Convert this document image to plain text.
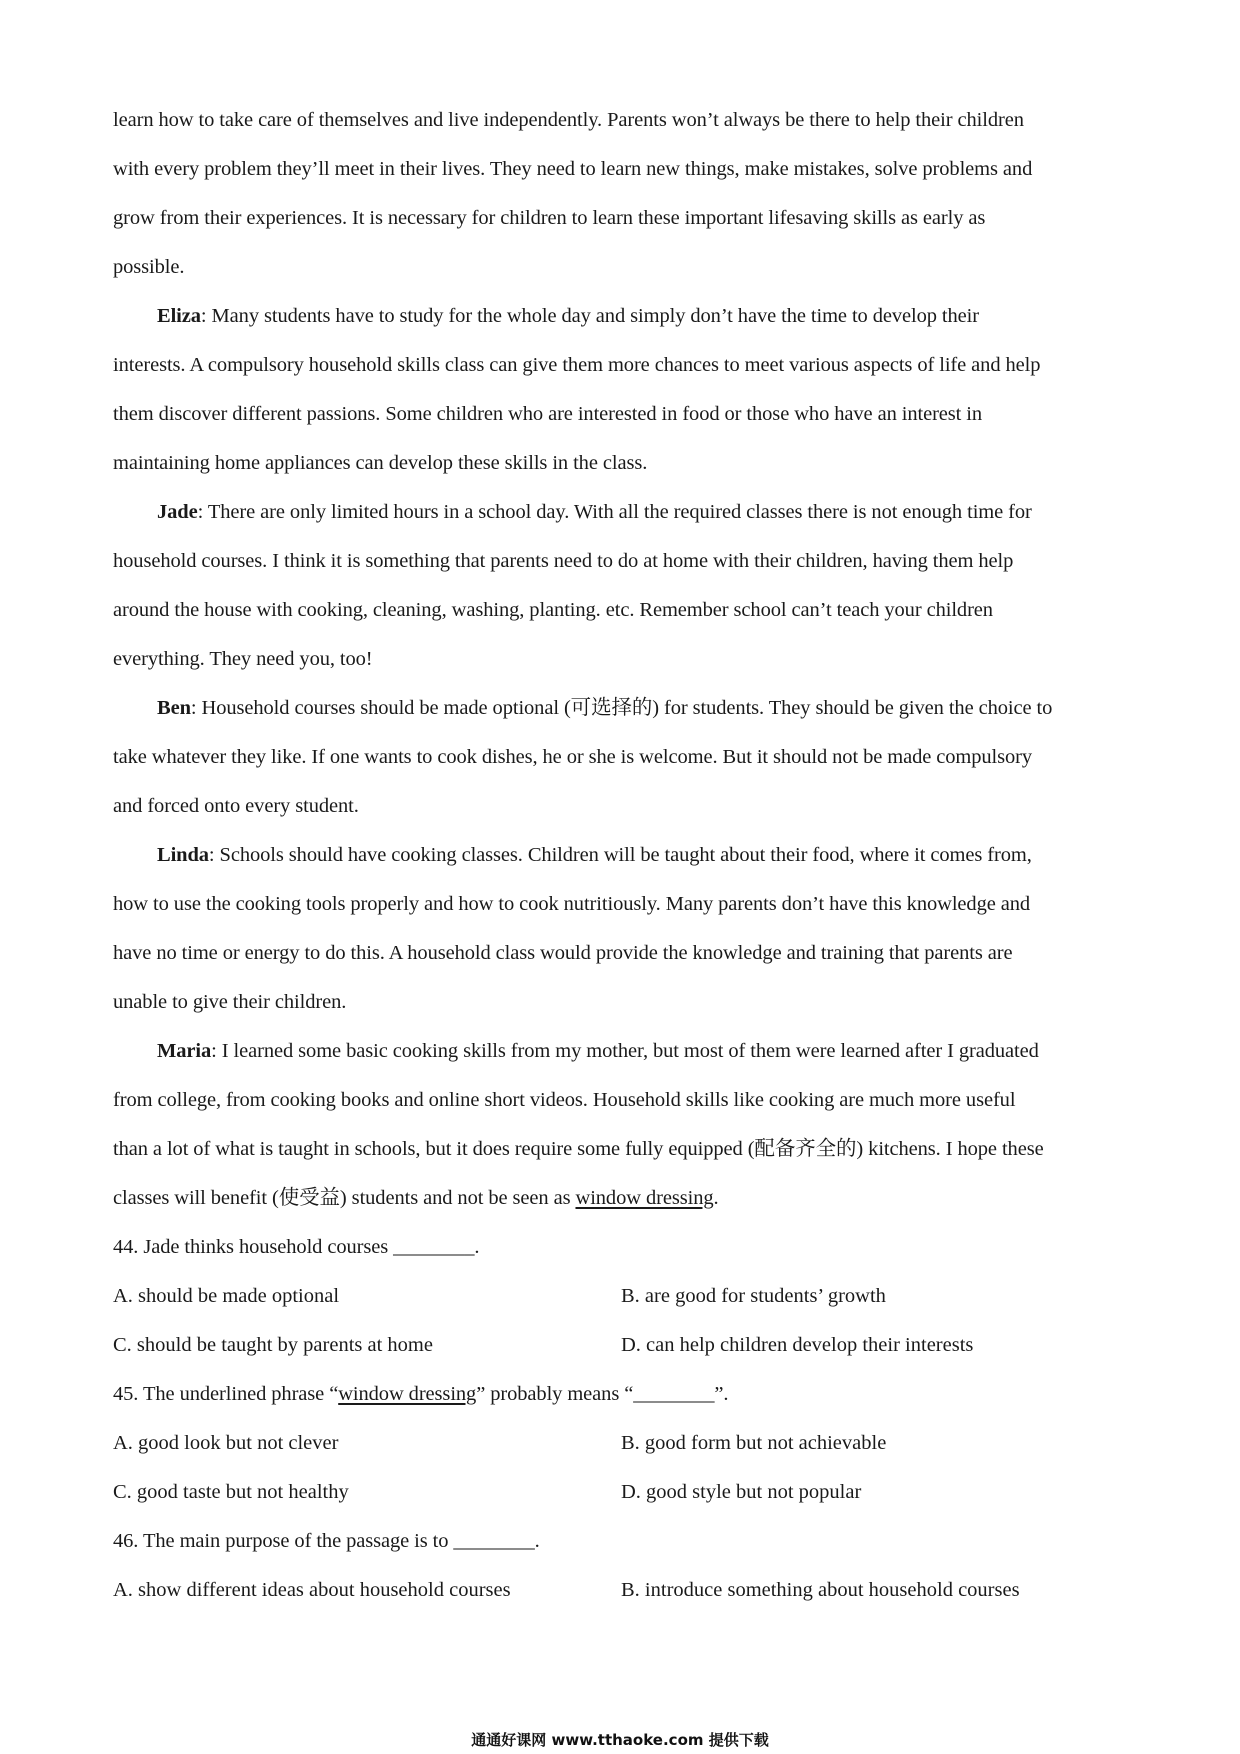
learn how to take care of themselves and live independently. Parents won’t always be there to help their children
with every problem they’ll meet in their lives. They need to learn new things, make mistakes, solve problems and
grow from their experiences. It is necessary for children to learn these important lifesaving skills as early as
possible.
Eliza: Many students have to study for the whole day and simply don’t have the time to develop their
interests. A compulsory household skills class can give them more chances to meet various aspects of life and help
them discover different passions. Some children who are interested in food or those who have an interest in
maintaining home appliances can develop these skills in the class.
Jade: There are only limited hours in a school day. With all the required classes there is not enough time for
household courses. I think it is something that parents need to do at home with their children, having them help
around the house with cooking, cleaning, washing, planting. etc. Remember school can’t teach your children
everything. They need you, too!
Ben: Household courses should be made optional (可选择的) for students. They should be given the choice to
take whatever they like. If one wants to cook dishes, he or she is welcome. But it should not be made compulsory
and forced onto every student.
Linda: Schools should have cooking classes. Children will be taught about their food, where it comes from,
how to use the cooking tools properly and how to cook nutritiously. Many parents don’t have this knowledge and
have no time or energy to do this. A household class would provide the knowledge and training that parents are
unable to give their children.
Maria: I learned some basic cooking skills from my mother, but most of them were learned after I graduated
from college, from cooking books and online short videos. Household skills like cooking are much more useful
than a lot of what is taught in schools, but it does require some fully equipped (配备齐全的) kitchens. I hope these
classes will benefit (使受益) students and not be seen as window dressing.
44. Jade thinks household courses ________.
A. should be made optional	B. are good for students’ growth
C. should be taught by parents at home	D. can help children develop their interests
45. The underlined phrase “window dressing” probably means “________”.
A. good look but not clever	B. good form but not achievable
C. good taste but not healthy	D. good style but not popular
46. The main purpose of the passage is to ________.
A. show different ideas about household courses	B. introduce something about household courses
通通好课网 www.tthaoke.com 提供下载
